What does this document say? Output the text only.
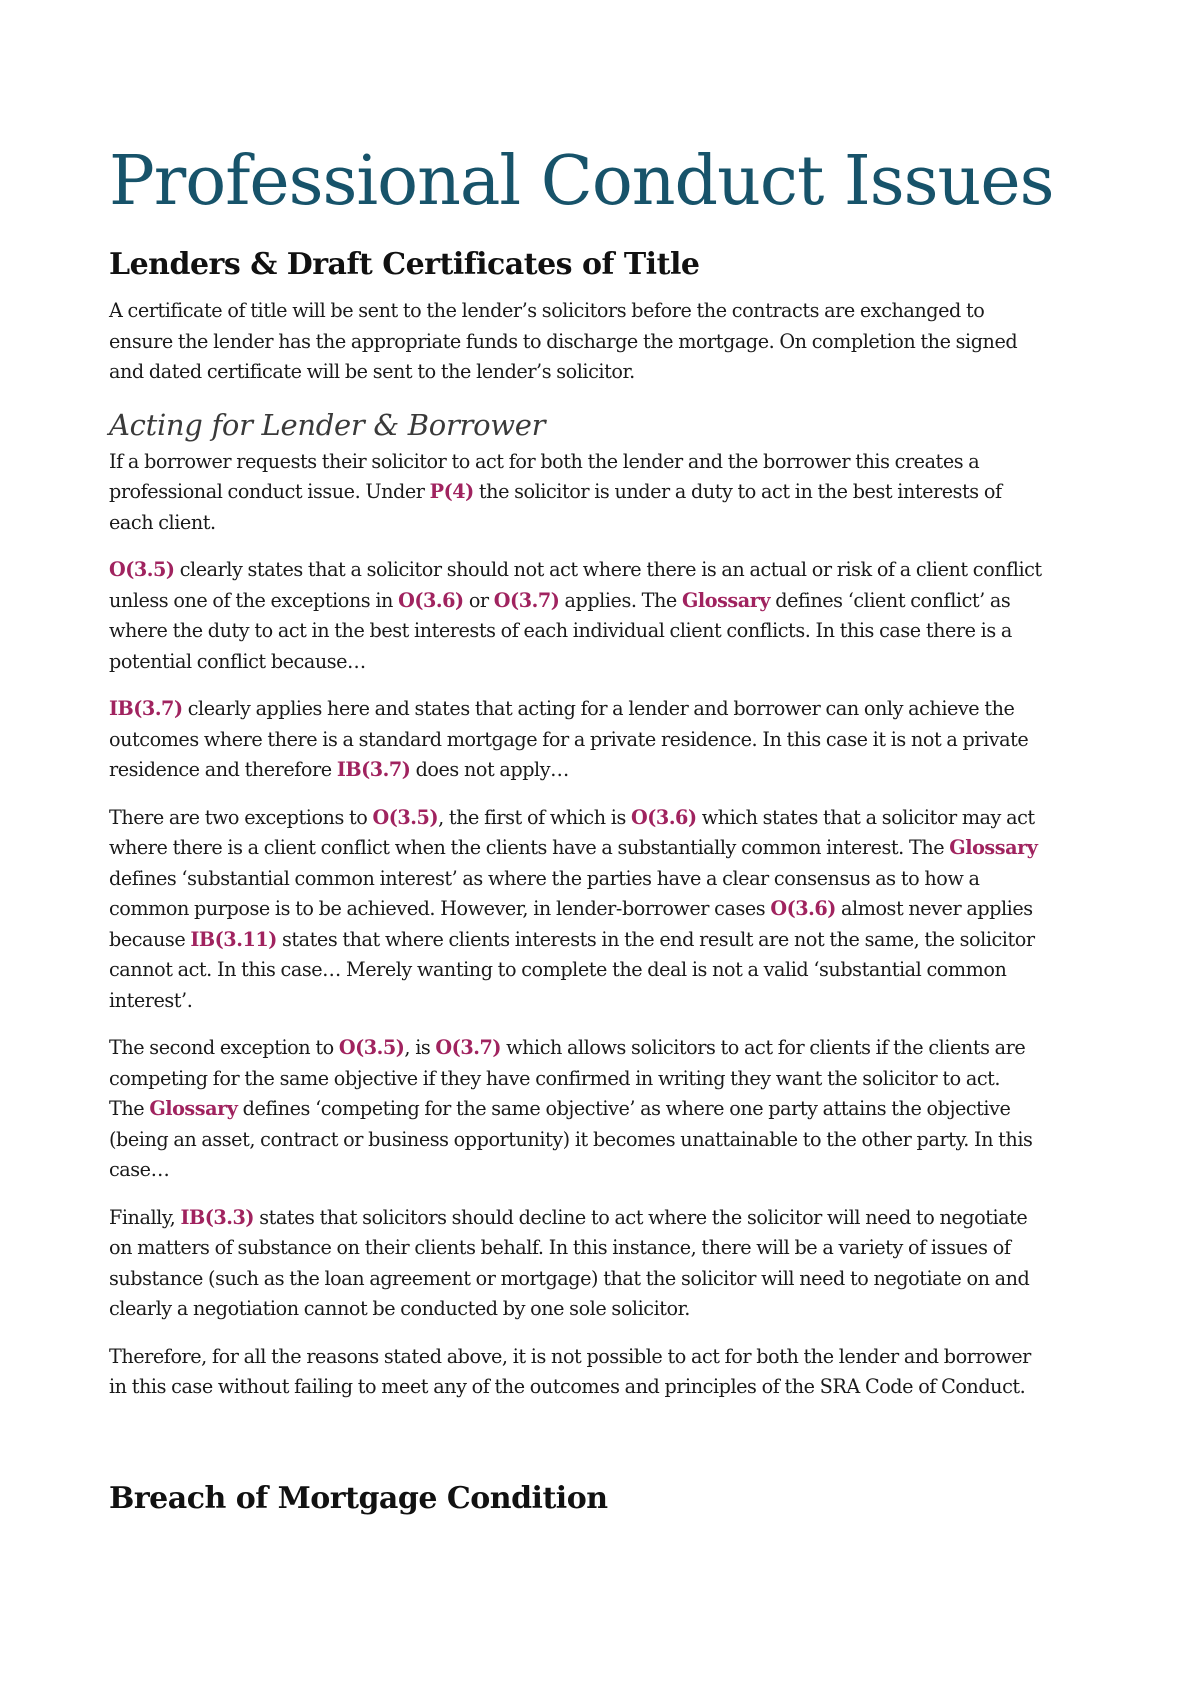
Professional Conduct Issues
Lenders & Draft Certificates of Title

A certificate of title will be sent to the lender’s solicitors before the contracts are exchanged to
ensure the lender has the appropriate funds to discharge the mortgage. On completion the signed
and dated certificate will be sent to the lender’s solicitor.

Acting for Lender & Borrower

If a borrower requests their solicitor to act for both the lender and the borrower this creates a
professional conduct issue. Under P(4) the solicitor is under a duty to act in the best interests of
each client.

O(3.5) clearly states that a solicitor should not act where there is an actual or risk of a client conflict
unless one of the exceptions in O(3.6) or O(3.7) applies. The Glossary defines ‘client conflict’ as
where the duty to act in the best interests of each individual client conflicts. In this case there is a
potential conflict because…

IB(3.7) clearly applies here and states that acting for a lender and borrower can only achieve the
outcomes where there is a standard mortgage for a private residence. In this case it is not a private
residence and therefore IB(3.7) does not apply…

There are two exceptions to O(3.5), the first of which is O(3.6) which states that a solicitor may act
where there is a client conflict when the clients have a substantially common interest. The Glossary
defines ‘substantial common interest’ as where the parties have a clear consensus as to how a
common purpose is to be achieved. However, in lender-borrower cases O(3.6) almost never applies
because IB(3.11) states that where clients interests in the end result are not the same, the solicitor
cannot act. In this case… Merely wanting to complete the deal is not a valid ‘substantial common
interest’.

The second exception to O(3.5), is O(3.7) which allows solicitors to act for clients if the clients are
competing for the same objective if they have confirmed in writing they want the solicitor to act.
The Glossary defines ‘competing for the same objective’ as where one party attains the objective
(being an asset, contract or business opportunity) it becomes unattainable to the other party. In this
case…

Finally, IB(3.3) states that solicitors should decline to act where the solicitor will need to negotiate
on matters of substance on their clients behalf. In this instance, there will be a variety of issues of
substance (such as the loan agreement or mortgage) that the solicitor will need to negotiate on and
clearly a negotiation cannot be conducted by one sole solicitor.

Therefore, for all the reasons stated above, it is not possible to act for both the lender and borrower
in this case without failing to meet any of the outcomes and principles of the SRA Code of Conduct.

Breach of Mortgage Condition
